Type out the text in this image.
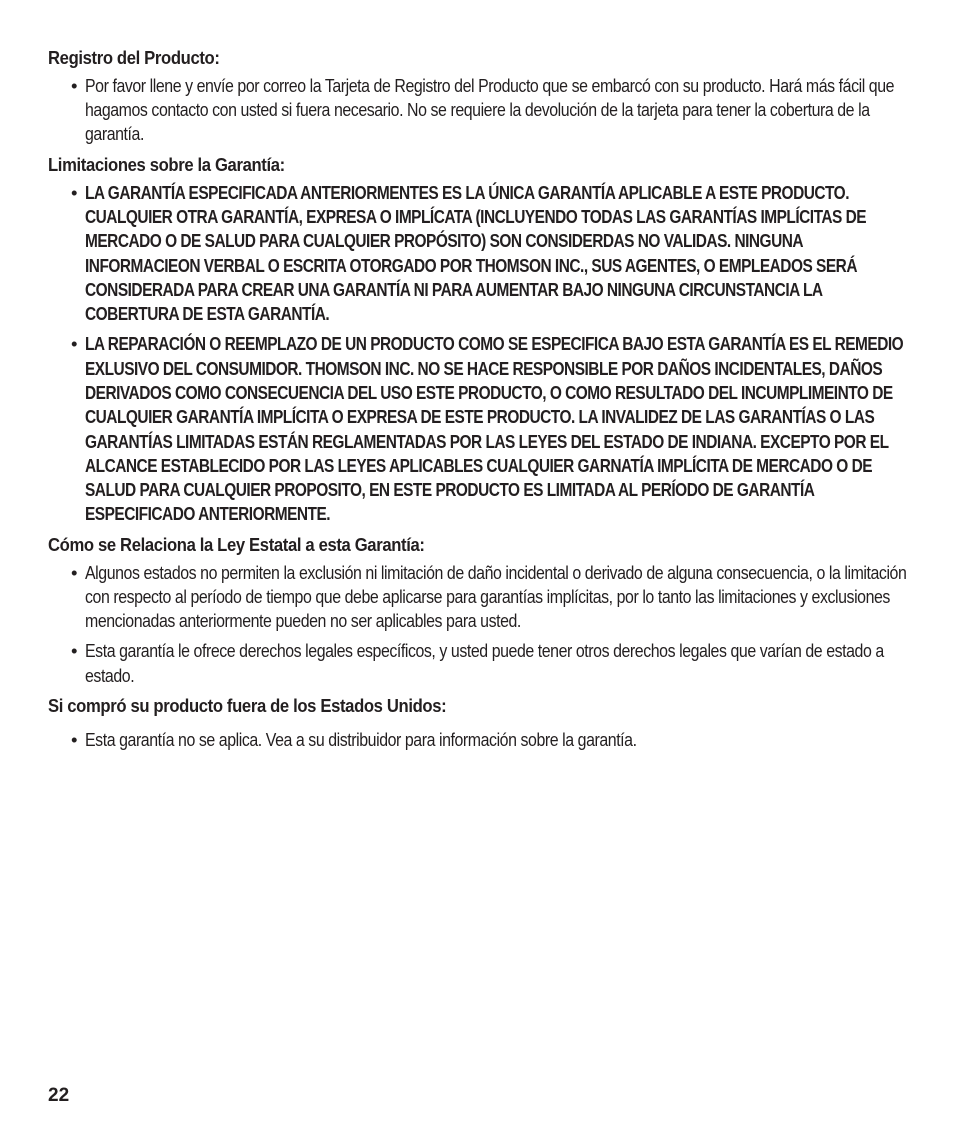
Registro del Producto:
• Por favor llene y envíe por correo la Tarjeta de Registro del Producto que se embarcó con su producto. Hará más fácil que hagamos contacto con usted si fuera necesario. No se requiere la devolución de la tarjeta para tener la cobertura de la garantía.
Limitaciones sobre la Garantía:
• LA GARANTÍA ESPECIFICADA ANTERIORMENTES ES LA ÚNICA GARANTÍA APLICABLE A ESTE PRODUCTO. CUALQUIER OTRA GARANTÍA, EXPRESA O IMPLÍCATA (INCLUYENDO TODAS LAS GARANTÍAS IMPLÍCITAS DE MERCADO O DE SALUD PARA CUALQUIER PROPÓSITO) SON CONSIDERDAS NO VALIDAS. NINGUNA INFORMACIEON VERBAL O ESCRITA OTORGADO POR THOMSON INC., SUS AGENTES, O EMPLEADOS SERÁ CONSIDERADA PARA CREAR UNA GARANTÍA NI PARA AUMENTAR BAJO NINGUNA CIRCUNSTANCIA LA COBERTURA DE ESTA GARANTÍA.
• LA REPARACIÓN O REEMPLAZO DE UN PRODUCTO COMO SE ESPECIFICA BAJO ESTA GARANTÍA ES EL REMEDIO EXLUSIVO DEL CONSUMIDOR. THOMSON INC. NO SE HACE RESPONSIBLE POR DAÑOS INCIDENTALES, DAÑOS DERIVADOS COMO CONSECUENCIA DEL USO ESTE PRODUCTO, O COMO RESULTADO DEL INCUMPLIMEINTO DE CUALQUIER GARANTÍA IMPLÍCITA O EXPRESA DE ESTE PRODUCTO. LA INVALIDEZ DE LAS GARANTÍAS O LAS GARANTÍAS LIMITADAS ESTÁN REGLAMENTADAS POR LAS LEYES DEL ESTADO DE INDIANA. EXCEPTO POR EL ALCANCE ESTABLECIDO POR LAS LEYES APLICABLES CUALQUIER GARNATÍA IMPLÍCITA DE MERCADO O DE SALUD PARA CUALQUIER PROPOSITO, EN ESTE PRODUCTO ES LIMITADA AL PERÍODO DE GARANTÍA ESPECIFICADO ANTERIORMENTE.
Cómo se Relaciona la Ley Estatal a esta Garantía:
• Algunos estados no permiten la exclusión ni limitación de daño incidental o derivado de alguna consecuencia, o la limitación con respecto al período de tiempo que debe aplicarse para garantías implícitas, por lo tanto las limitaciones y exclusiones mencionadas anteriormente pueden no ser aplicables para usted.
• Esta garantía le ofrece derechos legales específicos, y usted puede tener otros derechos legales que varían de estado a estado.
Si compró su producto fuera de los Estados Unidos:
• Esta garantía no se aplica. Vea a su distribuidor para información sobre la garantía.
22
